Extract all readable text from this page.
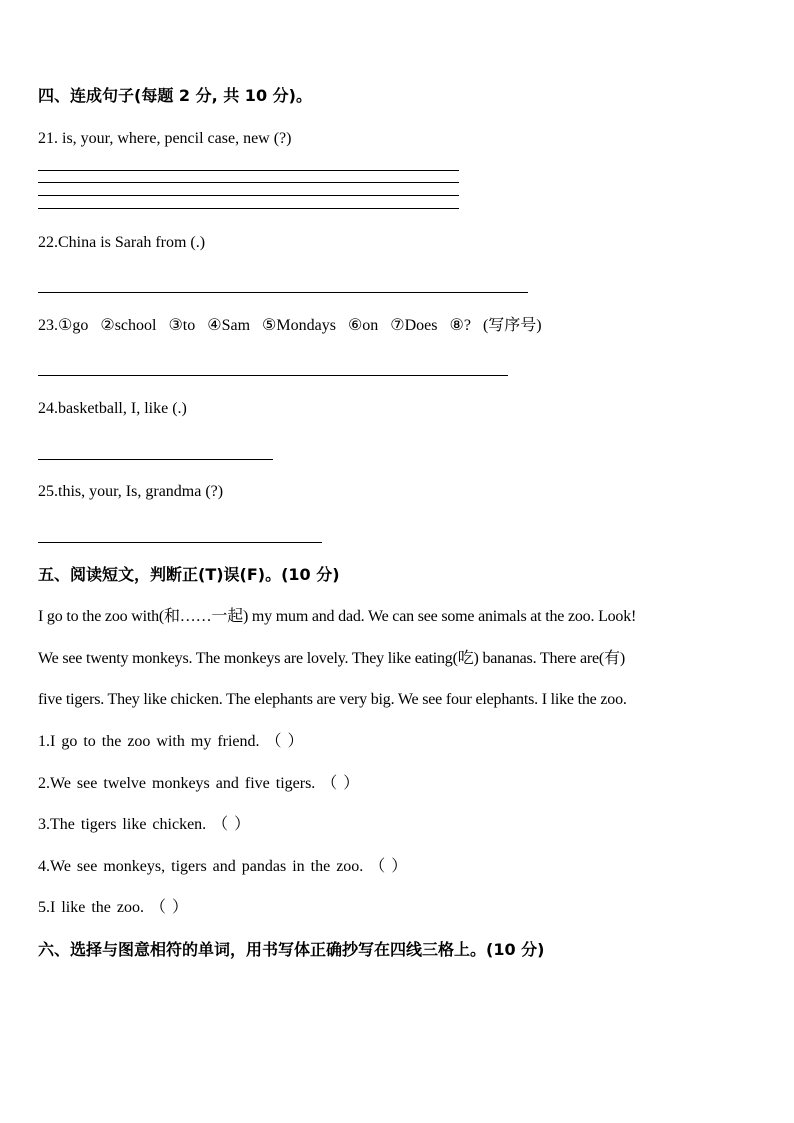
四、连成句子(每题 2 分, 共 10 分)。
21. is, your, where, pencil case, new (?)
22.China is Sarah from (.)
23.①go ②school ③to ④Sam ⑤Mondays ⑥on ⑦Does ⑧? (写序号)
24.basketball, I, like (.)
25.this, your, Is, grandma (?)
五、阅读短文，判断正(T)误(F)。(10 分)
I go to the zoo with(和……一起) my mum and dad. We can see some animals at the zoo. Look!
We see twenty monkeys. The monkeys are lovely. They like eating(吃) bananas. There are(有)
five tigers. They like chicken. The elephants are very big. We see four elephants. I like the zoo.
1.I go to the zoo with my friend. （ ）
2.We see twelve monkeys and five tigers. （ ）
3.The tigers like chicken. （ ）
4.We see monkeys, tigers and pandas in the zoo. （ ）
5.I like the zoo. （ ）
六、选择与图意相符的单词，用书写体正确抄写在四线三格上。(10 分)
